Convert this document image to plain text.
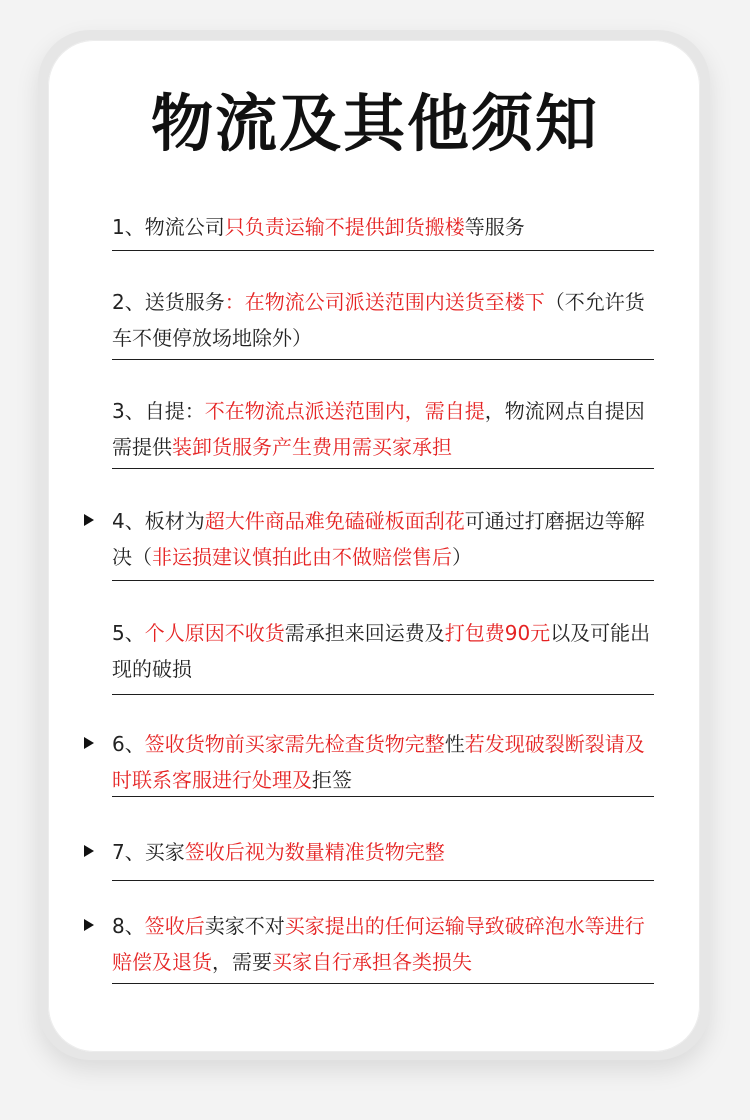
物流及其他须知
1、物流公司只负责运输不提供卸货搬楼等服务
2、送货服务：在物流公司派送范围内送货至楼下（不允许货车不便停放场地除外）
3、自提：不在物流点派送范围内，需自提，物流网点自提因需提供装卸货服务产生费用需买家承担
4、板材为超大件商品难免磕碰板面刮花可通过打磨据边等解决（非运损建议慎拍此由不做赔偿售后）
5、个人原因不收货需承担来回运费及打包费90元以及可能出现的破损
6、签收货物前买家需先检查货物完整性若发现破裂断裂请及时联系客服进行处理及拒签
7、买家签收后视为数量精准货物完整
8、签收后卖家不对买家提出的任何运输导致破碎泡水等进行赔偿及退货，需要买家自行承担各类损失
